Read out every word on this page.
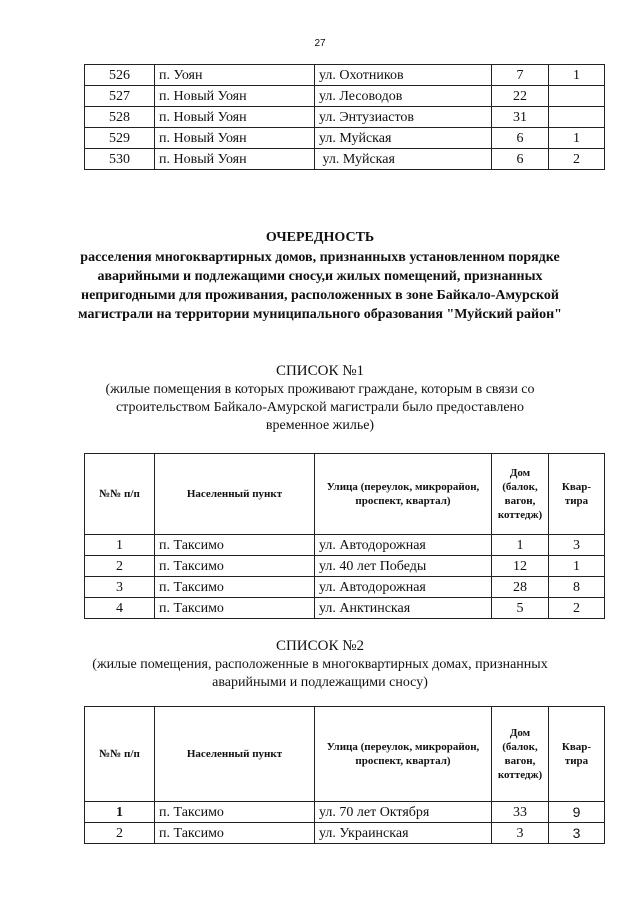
27
526	п. Уоян	ул. Охотников	7	1
527	п. Новый Уоян	ул. Лесоводов	22	
528	п. Новый Уоян	ул. Энтузиастов	31	
529	п. Новый Уоян	ул. Муйская	6	1
530	п. Новый Уоян	ул. Муйская	6	2
ОЧЕРЕДНОСТЬ
расселения многоквартирных домов, признанныхв установленном порядке аварийными и подлежащими сносу,и жилых помещений, признанных непригодными для проживания, расположенных в зоне Байкало-Амурской магистрали на территории муниципального образования "Муйский район"
СПИСОК №1
(жилые помещения в которых проживают граждане, которым в связи со строительством Байкало-Амурской магистрали было предоставлено временное жилье)
№№ п/п	Населенный пункт	Улица (переулок, микрорайон, проспект, квартал)	Дом (балок, вагон, коттедж)	Квар-тира
1	п. Таксимо	ул. Автодорожная	1	3
2	п. Таксимо	ул. 40 лет Победы	12	1
3	п. Таксимо	ул. Автодорожная	28	8
4	п. Таксимо	ул. Анктинская	5	2
СПИСОК №2
(жилые помещения, расположенные в многоквартирных домах, признанных аварийными и подлежащими сносу)
№№ п/п	Населенный пункт	Улица (переулок, микрорайон, проспект, квартал)	Дом (балок, вагон, коттедж)	Квар-тира
1	п. Таксимо	ул. 70 лет Октября	33	9
2	п. Таксимо	ул. Украинская	3	3
